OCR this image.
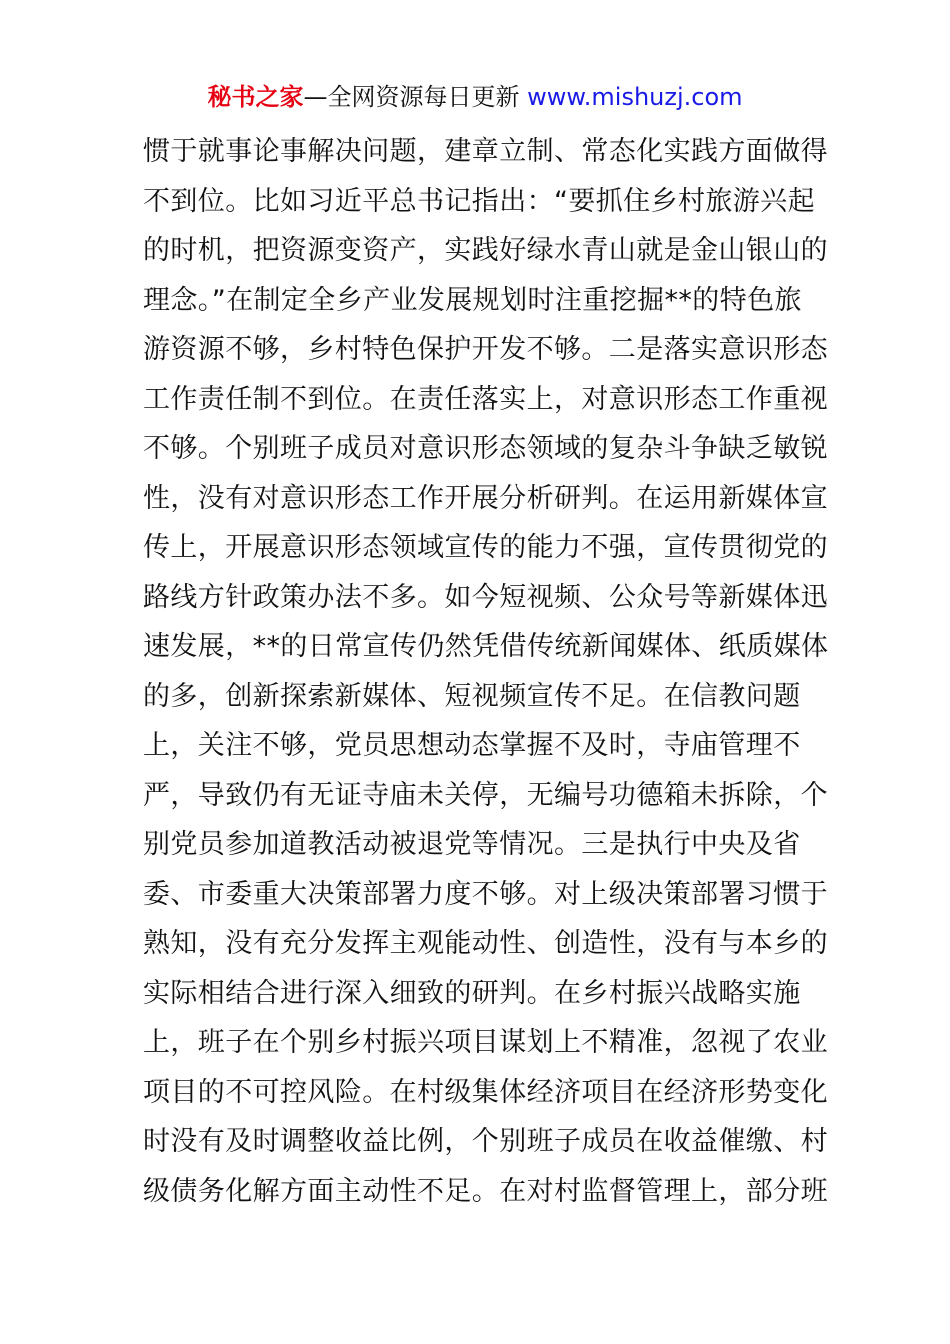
秘书之家—全网资源每日更新 www.mishuzj.com
惯于就事论事解决问题，建章立制、常态化实践方面做得
不到位。比如习近平总书记指出：“要抓住乡村旅游兴起
的时机，把资源变资产，实践好绿水青山就是金山银山的
理念。”在制定全乡产业发展规划时注重挖掘**的特色旅
游资源不够，乡村特色保护开发不够。二是落实意识形态
工作责任制不到位。在责任落实上，对意识形态工作重视
不够。个别班子成员对意识形态领域的复杂斗争缺乏敏锐
性，没有对意识形态工作开展分析研判。在运用新媒体宣
传上，开展意识形态领域宣传的能力不强，宣传贯彻党的
路线方针政策办法不多。如今短视频、公众号等新媒体迅
速发展，**的日常宣传仍然凭借传统新闻媒体、纸质媒体
的多，创新探索新媒体、短视频宣传不足。在信教问题
上，关注不够，党员思想动态掌握不及时，寺庙管理不
严，导致仍有无证寺庙未关停，无编号功德箱未拆除，个
别党员参加道教活动被退党等情况。三是执行中央及省
委、市委重大决策部署力度不够。对上级决策部署习惯于
熟知，没有充分发挥主观能动性、创造性，没有与本乡的
实际相结合进行深入细致的研判。在乡村振兴战略实施
上，班子在个别乡村振兴项目谋划上不精准，忽视了农业
项目的不可控风险。在村级集体经济项目在经济形势变化
时没有及时调整收益比例，个别班子成员在收益催缴、村
级债务化解方面主动性不足。在对村监督管理上，部分班
